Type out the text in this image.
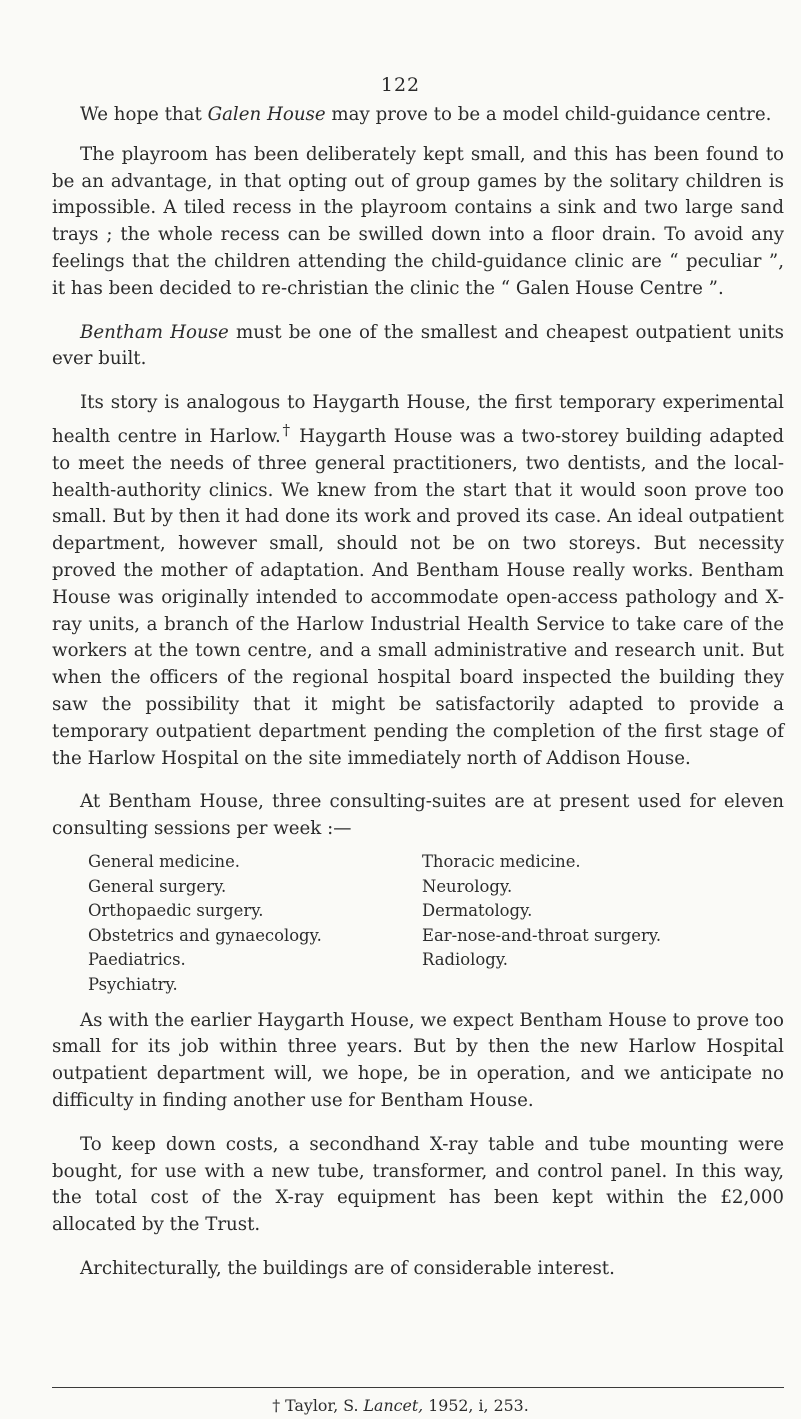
122

We hope that Galen House may prove to be a model child-guidance centre.

The playroom has been deliberately kept small, and this has been found to be an advantage, in that opting out of group games by the solitary children is impossible. A tiled recess in the playroom contains a sink and two large sand trays ; the whole recess can be swilled down into a floor drain. To avoid any feelings that the children attending the child-guidance clinic are “ peculiar ”, it has been decided to re-christian the clinic the “ Galen House Centre ”.

Bentham House must be one of the smallest and cheapest outpatient units ever built.

Its story is analogous to Haygarth House, the first temporary experimental health centre in Harlow.† Haygarth House was a two-storey building adapted to meet the needs of three general practitioners, two dentists, and the local-health-authority clinics. We knew from the start that it would soon prove too small. But by then it had done its work and proved its case. An ideal outpatient department, however small, should not be on two storeys. But necessity proved the mother of adaptation. And Bentham House really works. Bentham House was originally intended to accommodate open-access pathology and X-ray units, a branch of the Harlow Industrial Health Service to take care of the workers at the town centre, and a small administrative and research unit. But when the officers of the regional hospital board inspected the building they saw the possibility that it might be satisfactorily adapted to provide a temporary outpatient department pending the completion of the first stage of the Harlow Hospital on the site immediately north of Addison House.

At Bentham House, three consulting-suites are at present used for eleven consulting sessions per week :—

General medicine.
General surgery.
Orthopaedic surgery.
Obstetrics and gynaecology.
Paediatrics.
Psychiatry.
Thoracic medicine.
Neurology.
Dermatology.
Ear-nose-and-throat surgery.
Radiology.

As with the earlier Haygarth House, we expect Bentham House to prove too small for its job within three years. But by then the new Harlow Hospital outpatient department will, we hope, be in operation, and we anticipate no difficulty in finding another use for Bentham House.

To keep down costs, a secondhand X-ray table and tube mounting were bought, for use with a new tube, transformer, and control panel. In this way, the total cost of the X-ray equipment has been kept within the £2,000 allocated by the Trust.

Architecturally, the buildings are of considerable interest.

† Taylor, S. Lancet, 1952, i, 253.
